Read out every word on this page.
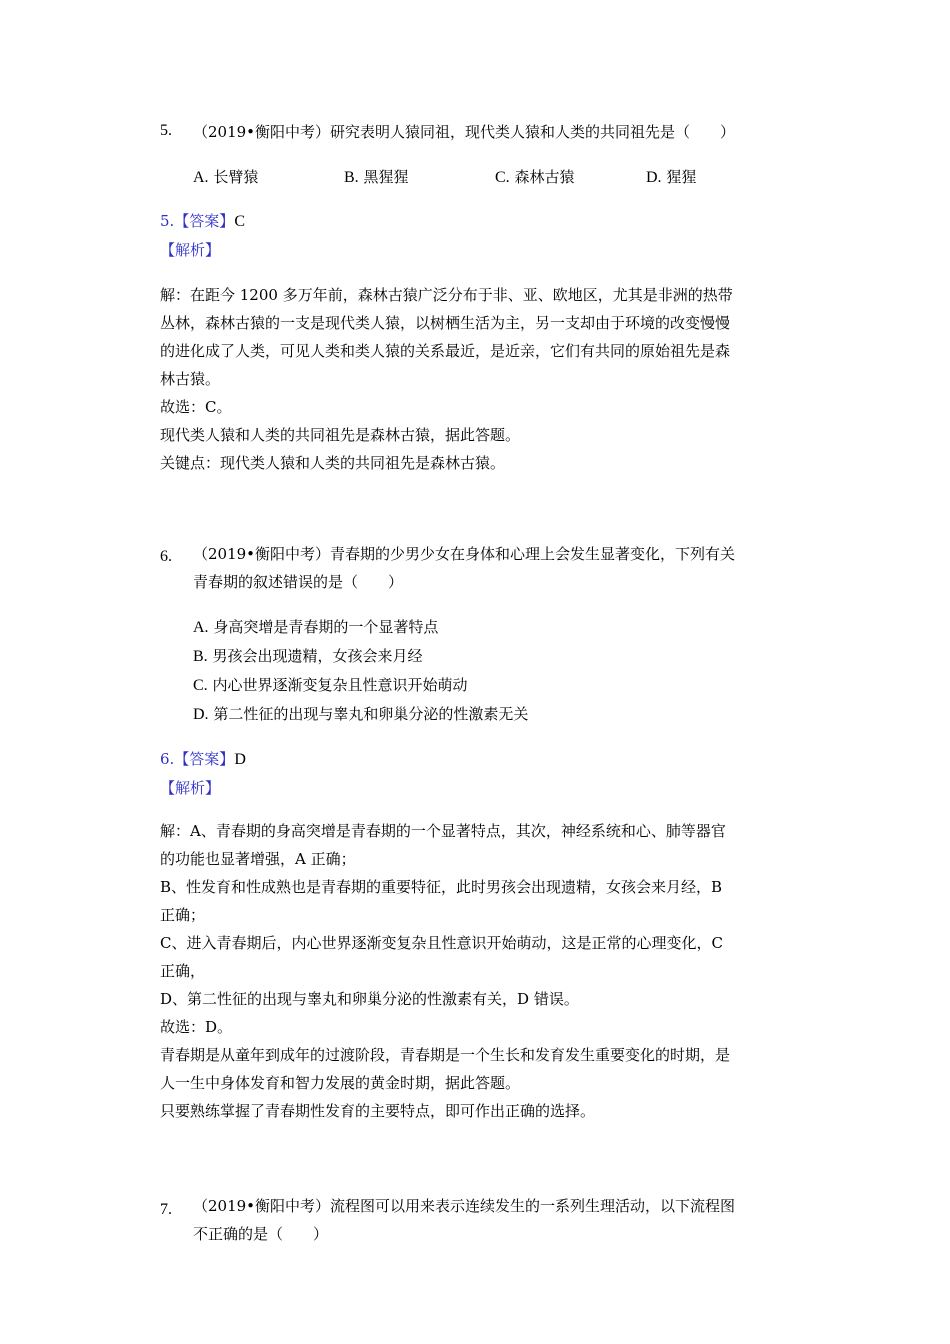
5. （2019•衡阳中考）研究表明人猿同祖，现代类人猿和人类的共同祖先是（　　）
A. 长臂猿	B. 黑猩猩	C. 森林古猿	D. 猩猩
5.【答案】C
【解析】
解：在距今 1200 多万年前，森林古猿广泛分布于非、亚、欧地区，尤其是非洲的热带
丛林，森林古猿的一支是现代类人猿，以树栖生活为主，另一支却由于环境的改变慢慢
的进化成了人类，可见人类和类人猿的关系最近，是近亲，它们有共同的原始祖先是森
林古猿。
故选：C。
现代类人猿和人类的共同祖先是森林古猿，据此答题。
关键点：现代类人猿和人类的共同祖先是森林古猿。
6. （2019•衡阳中考）青春期的少男少女在身体和心理上会发生显著变化，下列有关
青春期的叙述错误的是（　　）
A. 身高突增是青春期的一个显著特点
B. 男孩会出现遗精，女孩会来月经
C. 内心世界逐渐变复杂且性意识开始萌动
D. 第二性征的出现与睾丸和卵巢分泌的性激素无关
6.【答案】D
【解析】
解：A、青春期的身高突增是青春期的一个显著特点，其次，神经系统和心、肺等器官
的功能也显著增强，A 正确；
B、性发育和性成熟也是青春期的重要特征，此时男孩会出现遗精，女孩会来月经，B
正确；
C、进入青春期后，内心世界逐渐变复杂且性意识开始萌动，这是正常的心理变化，C
正确，
D、第二性征的出现与睾丸和卵巢分泌的性激素有关，D 错误。
故选：D。
青春期是从童年到成年的过渡阶段，青春期是一个生长和发育发生重要变化的时期，是
人一生中身体发育和智力发展的黄金时期，据此答题。
只要熟练掌握了青春期性发育的主要特点，即可作出正确的选择。
7. （2019•衡阳中考）流程图可以用来表示连续发生的一系列生理活动，以下流程图
不正确的是（　　）
